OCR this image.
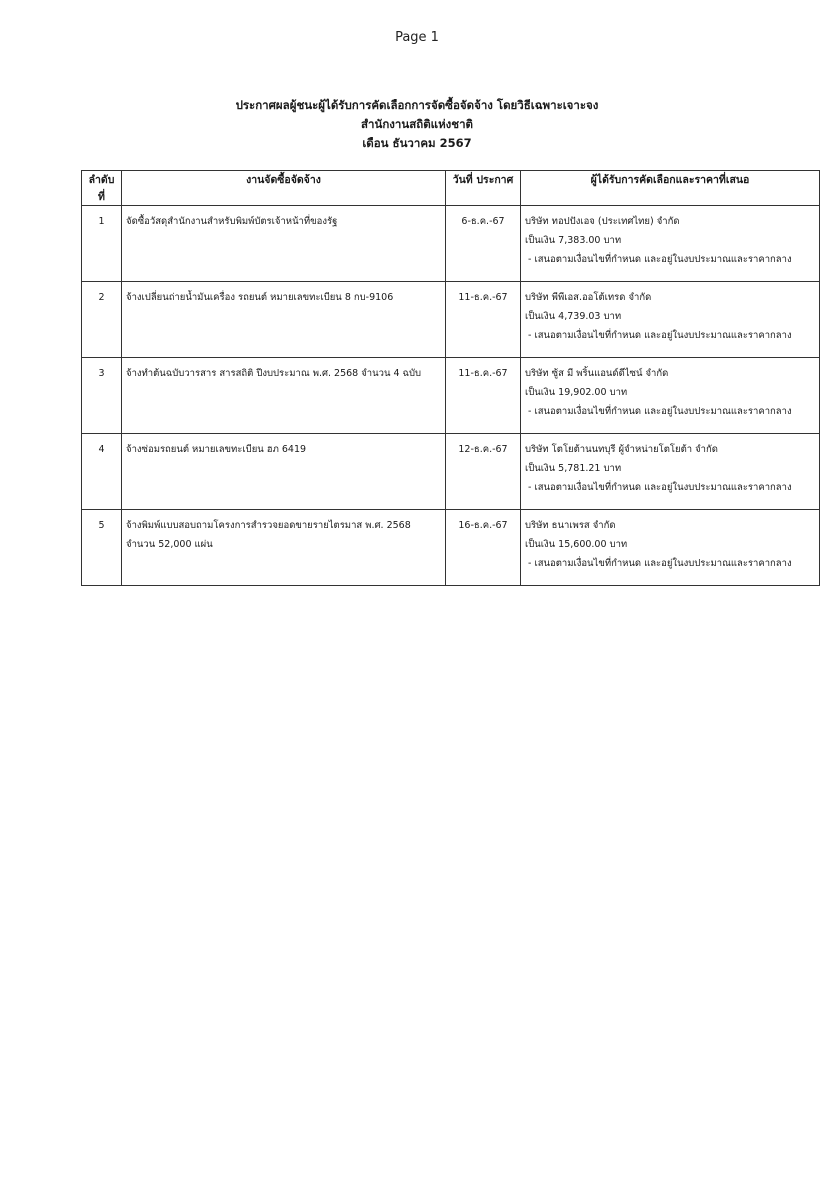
Page 1
ประกาศผลผู้ชนะผู้ได้รับการคัดเลือกการจัดซื้อจัดจ้าง โดยวิธีเฉพาะเจาะจง
สำนักงานสถิติแห่งชาติ
เดือน ธันวาคม 2567
ลำดับที่	งานจัดซื้อจัดจ้าง	วันที่ ประกาศ	ผู้ได้รับการคัดเลือกและราคาที่เสนอ
1	จัดซื้อวัสดุสำนักงานสำหรับพิมพ์บัตรเจ้าหน้าที่ของรัฐ	6-ธ.ค.-67	บริษัท ทอปปังเอจ (ประเทศไทย) จำกัด
เป็นเงิน 7,383.00 บาท
- เสนอตามเงื่อนไขที่กำหนด และอยู่ในงบประมาณและราคากลาง

2	จ้างเปลี่ยนถ่ายน้ำมันเครื่อง รถยนต์ หมายเลขทะเบียน 8 กบ-9106	11-ธ.ค.-67	บริษัท พีพีเอส.ออโต้เทรด จำกัด
เป็นเงิน 4,739.03 บาท
- เสนอตามเงื่อนไขที่กำหนด และอยู่ในงบประมาณและราคากลาง

3	จ้างทำต้นฉบับวารสาร สารสถิติ ปีงบประมาณ พ.ศ. 2568 จำนวน 4 ฉบับ	11-ธ.ค.-67	บริษัท ซู้ส มี พริ้นแอนด์ดีไซน์ จำกัด
เป็นเงิน 19,902.00 บาท
- เสนอตามเงื่อนไขที่กำหนด และอยู่ในงบประมาณและราคากลาง

4	จ้างซ่อมรถยนต์ หมายเลขทะเบียน ฮภ 6419	12-ธ.ค.-67	บริษัท โตโยต้านนทบุรี ผู้จำหน่ายโตโยต้า จำกัด
เป็นเงิน 5,781.21 บาท
- เสนอตามเงื่อนไขที่กำหนด และอยู่ในงบประมาณและราคากลาง

5	จ้างพิมพ์แบบสอบถามโครงการสำรวจยอดขายรายไตรมาส พ.ศ. 2568
จำนวน 52,000 แผ่น	16-ธ.ค.-67	บริษัท ธนาเพรส จำกัด
เป็นเงิน 15,600.00 บาท
- เสนอตามเงื่อนไขที่กำหนด และอยู่ในงบประมาณและราคากลาง
